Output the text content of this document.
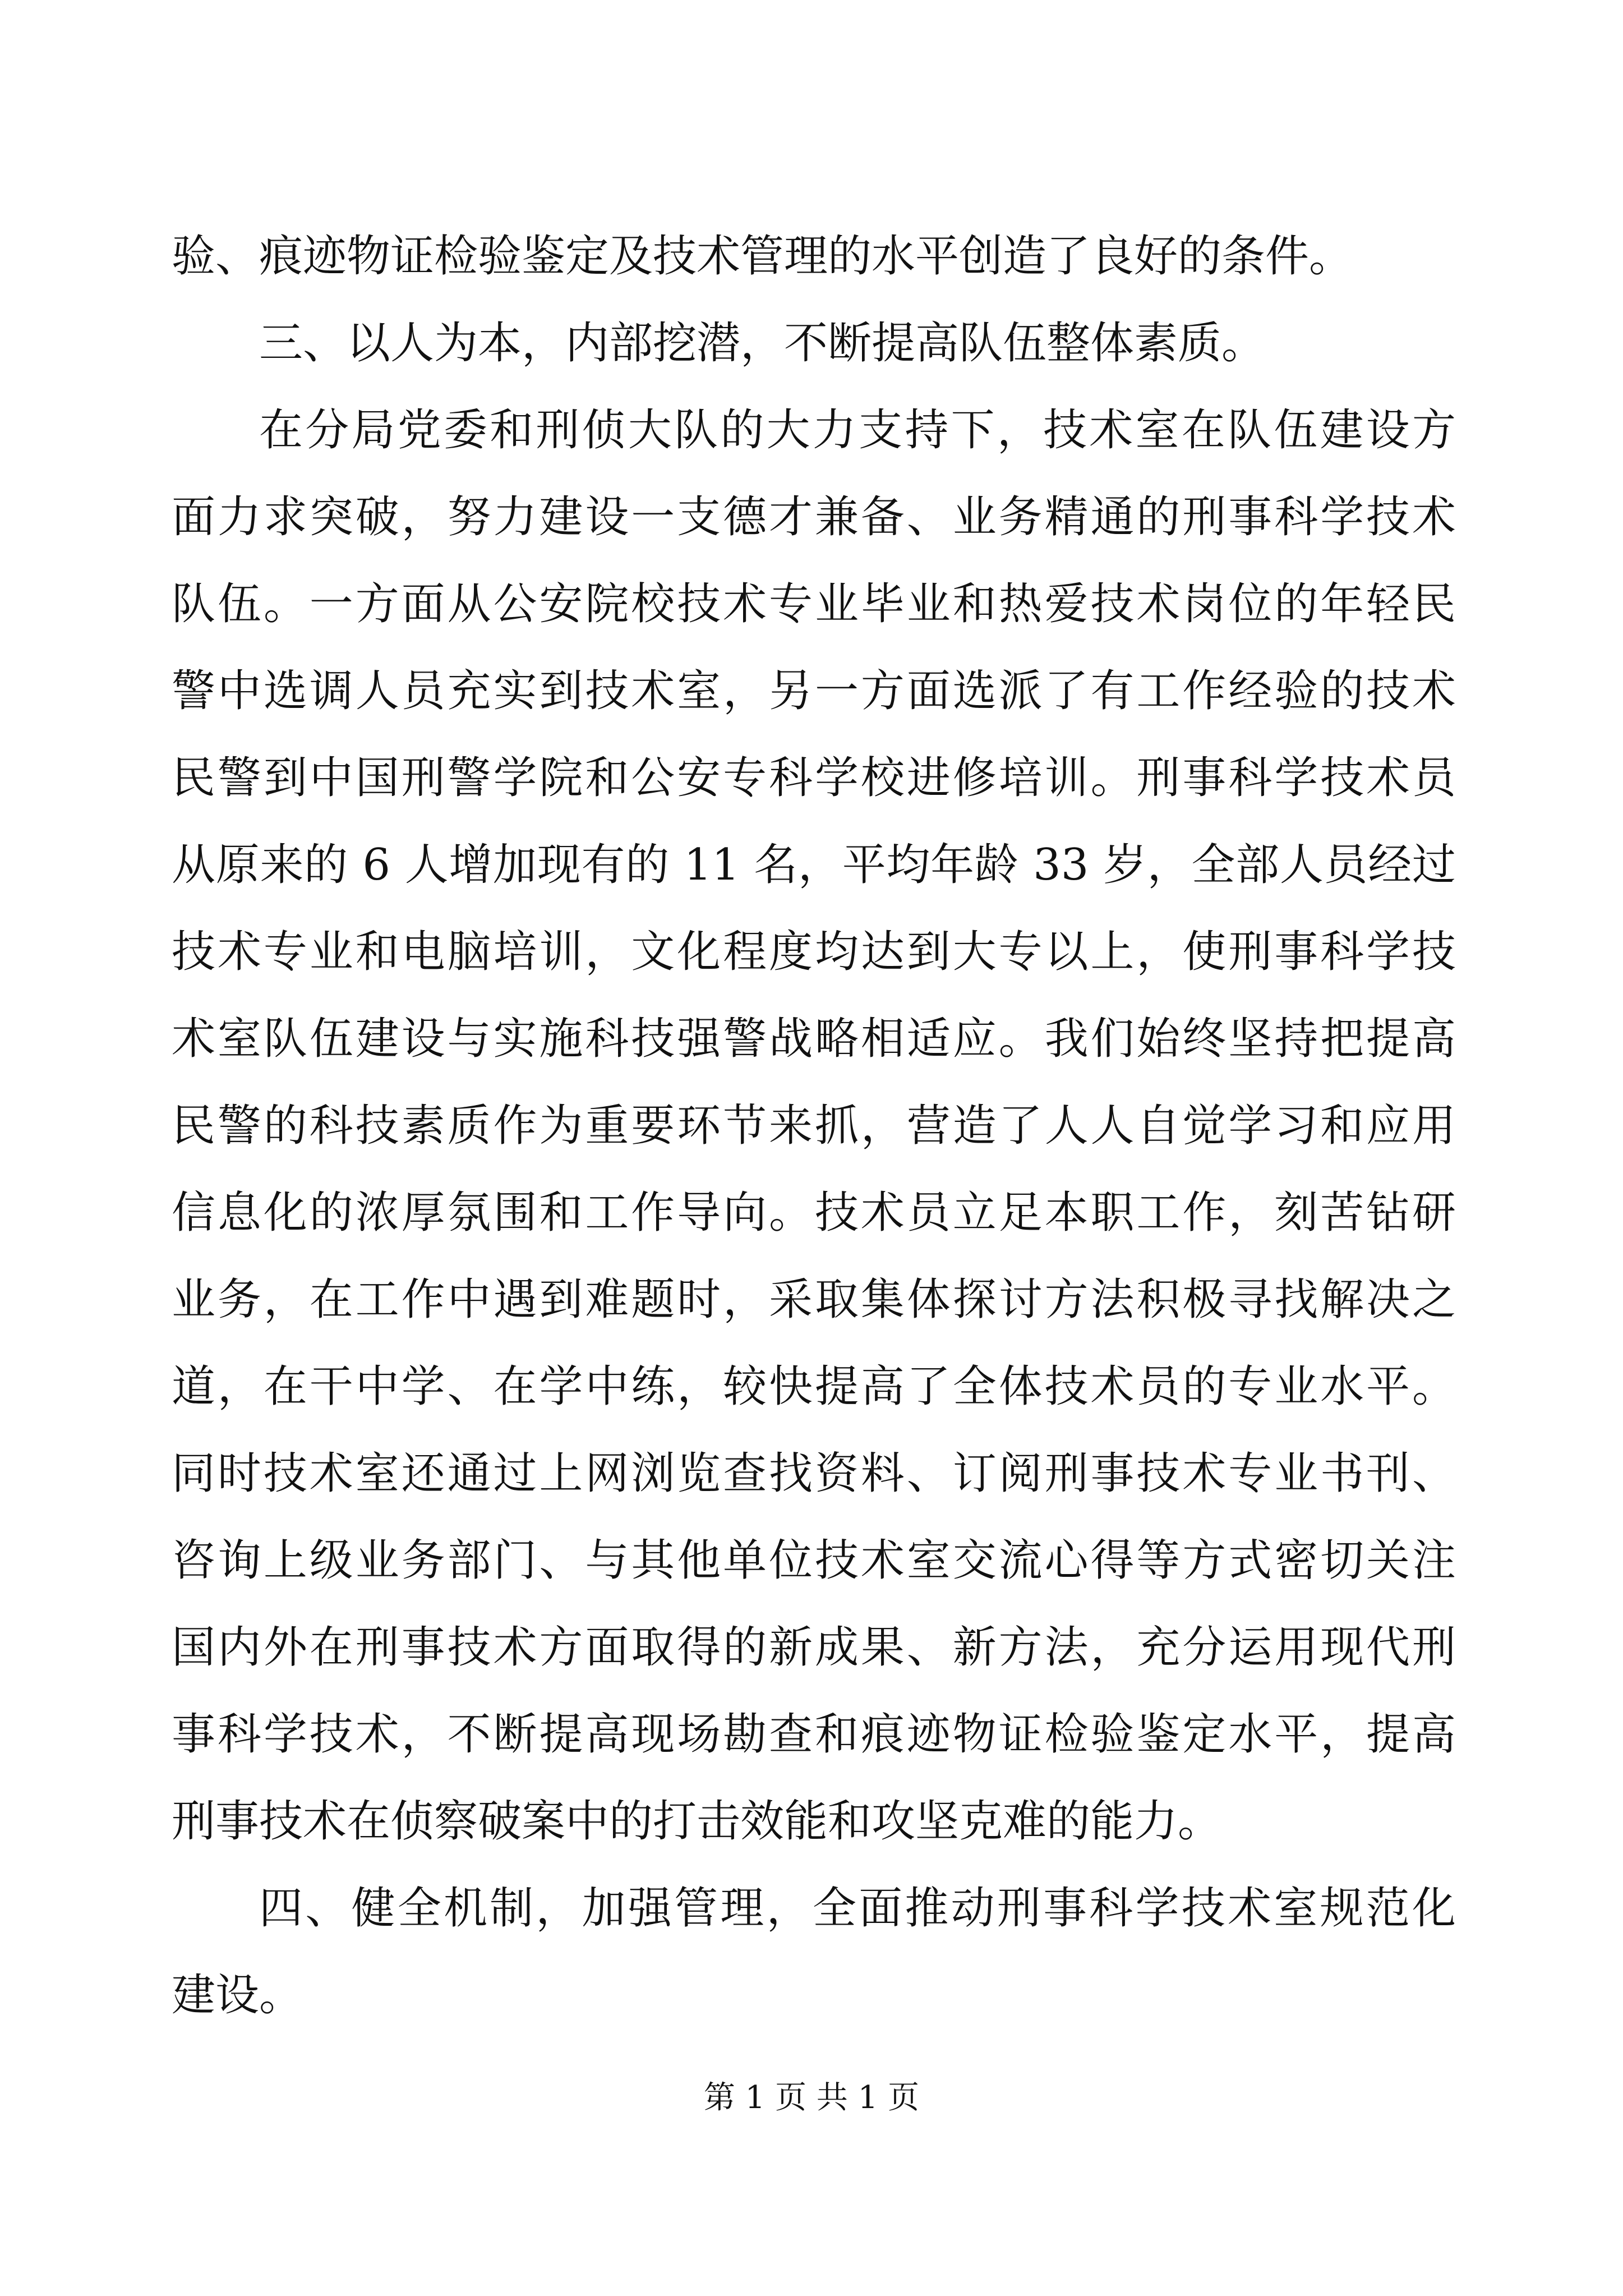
验、痕迹物证检验鉴定及技术管理的水平创造了良好的条件。
三、以人为本，内部挖潜，不断提高队伍整体素质。
在分局党委和刑侦大队的大力支持下，技术室在队伍建设方
面力求突破，努力建设一支德才兼备、业务精通的刑事科学技术
队伍。一方面从公安院校技术专业毕业和热爱技术岗位的年轻民
警中选调人员充实到技术室，另一方面选派了有工作经验的技术
民警到中国刑警学院和公安专科学校进修培训。刑事科学技术员
从原来的 6 人增加现有的 11 名，平均年龄 33 岁，全部人员经过
技术专业和电脑培训，文化程度均达到大专以上，使刑事科学技
术室队伍建设与实施科技强警战略相适应。我们始终坚持把提高
民警的科技素质作为重要环节来抓，营造了人人自觉学习和应用
信息化的浓厚氛围和工作导向。技术员立足本职工作，刻苦钻研
业务，在工作中遇到难题时，采取集体探讨方法积极寻找解决之
道，在干中学、在学中练，较快提高了全体技术员的专业水平。
同时技术室还通过上网浏览查找资料、订阅刑事技术专业书刊、
咨询上级业务部门、与其他单位技术室交流心得等方式密切关注
国内外在刑事技术方面取得的新成果、新方法，充分运用现代刑
事科学技术，不断提高现场勘查和痕迹物证检验鉴定水平，提高
刑事技术在侦察破案中的打击效能和攻坚克难的能力。
四、健全机制，加强管理，全面推动刑事科学技术室规范化
建设。
第 1 页 共 1 页
